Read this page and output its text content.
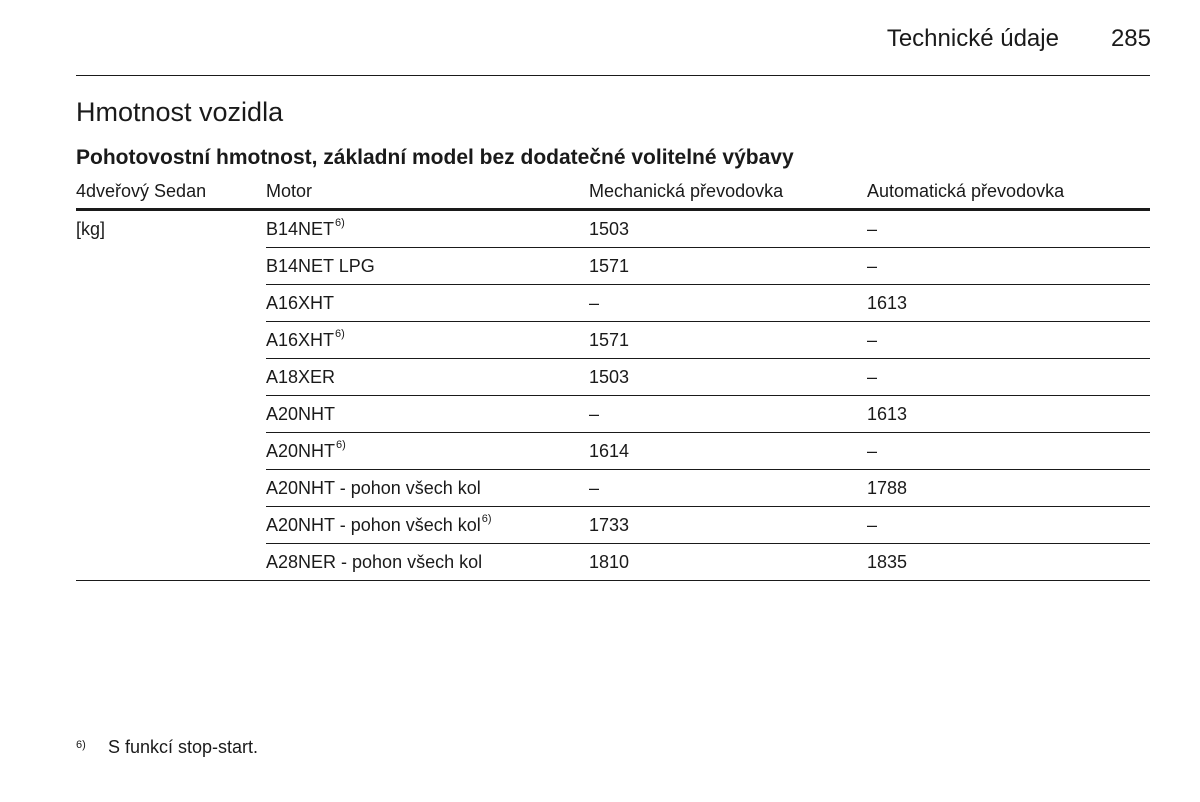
Technické údaje 285
Hmotnost vozidla
Pohotovostní hmotnost, základní model bez dodatečné volitelné výbavy
4dveřový Sedan	Motor	Mechanická převodovka	Automatická převodovka
[kg]	B14NET$^{6)}$	1503	–
	B14NET LPG	1571	–
	A16XHT	–	1613
	A16XHT$^{6)}$	1571	–
	A18XER	1503	–
	A20NHT	–	1613
	A20NHT$^{6)}$	1614	–
	A20NHT - pohon všech kol	–	1788
	A20NHT - pohon všech kol$^{6)}$	1733	–
	A28NER - pohon všech kol	1810	1835
6) S funkcí stop-start.
